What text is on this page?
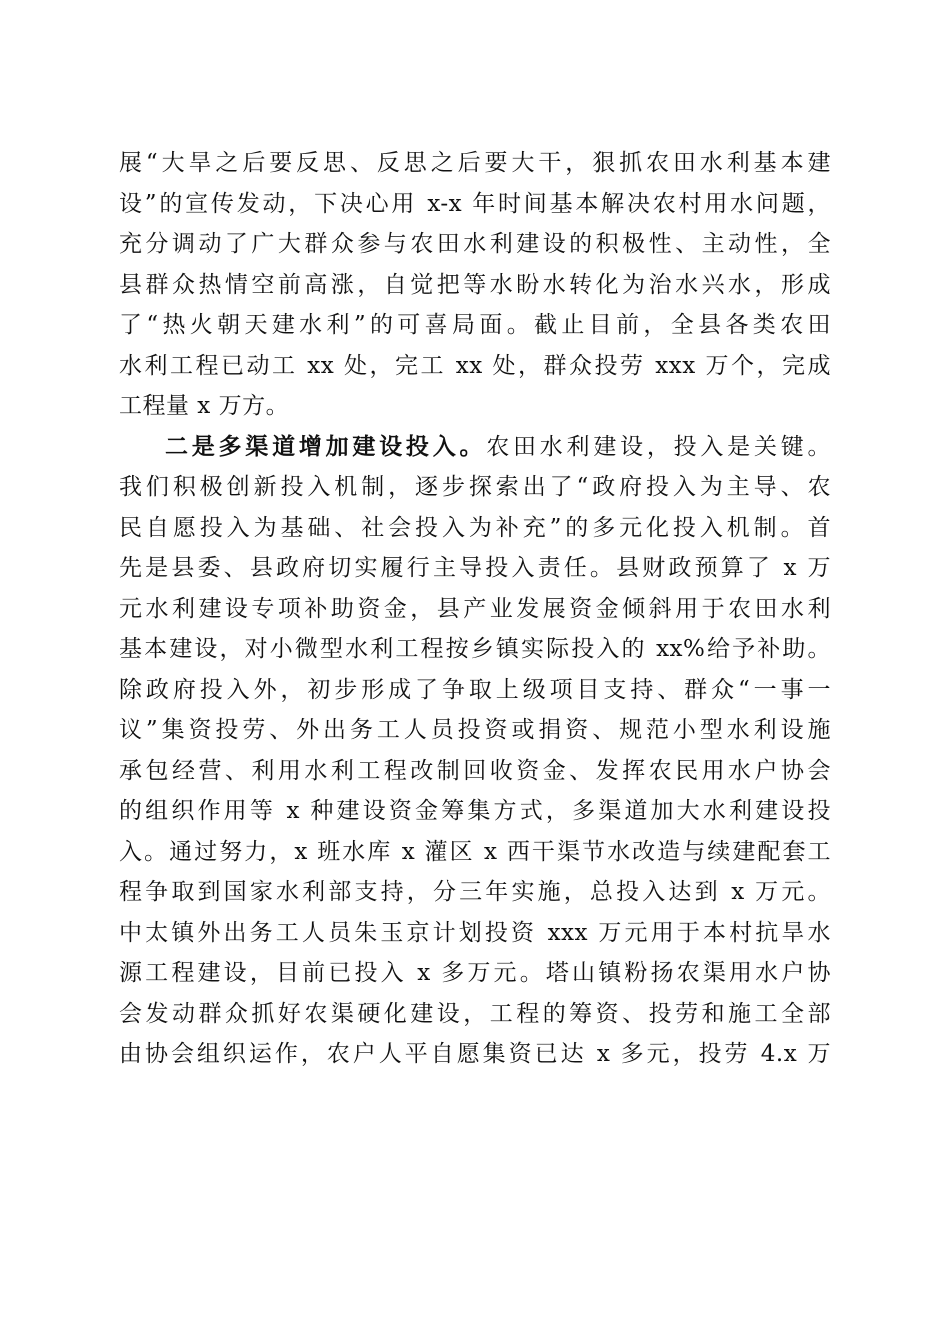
展“大旱之后要反思、反思之后要大干，狠抓农田水利基本建
设”的宣传发动，下决心用 x-x 年时间基本解决农村用水问题，
充分调动了广大群众参与农田水利建设的积极性、主动性，全
县群众热情空前高涨，自觉把等水盼水转化为治水兴水，形成
了“热火朝天建水利”的可喜局面。截止目前，全县各类农田
水利工程已动工 xx 处，完工 xx 处，群众投劳 xxx 万个，完成
工程量 x 万方。
二是多渠道增加建设投入。农田水利建设，投入是关键。
我们积极创新投入机制，逐步探索出了“政府投入为主导、农
民自愿投入为基础、社会投入为补充”的多元化投入机制。首
先是县委、县政府切实履行主导投入责任。县财政预算了 x 万
元水利建设专项补助资金，县产业发展资金倾斜用于农田水利
基本建设，对小微型水利工程按乡镇实际投入的 xx%给予补助。
除政府投入外，初步形成了争取上级项目支持、群众“一事一
议”集资投劳、外出务工人员投资或捐资、规范小型水利设施
承包经营、利用水利工程改制回收资金、发挥农民用水户协会
的组织作用等 x 种建设资金筹集方式，多渠道加大水利建设投
入。通过努力，x 班水库 x 灌区 x 西干渠节水改造与续建配套工
程争取到国家水利部支持，分三年实施，总投入达到 x 万元。
中太镇外出务工人员朱玉京计划投资 xxx 万元用于本村抗旱水
源工程建设，目前已投入 x 多万元。塔山镇粉扬农渠用水户协
会发动群众抓好农渠硬化建设，工程的筹资、投劳和施工全部
由协会组织运作，农户人平自愿集资已达 x 多元，投劳 4.x 万
